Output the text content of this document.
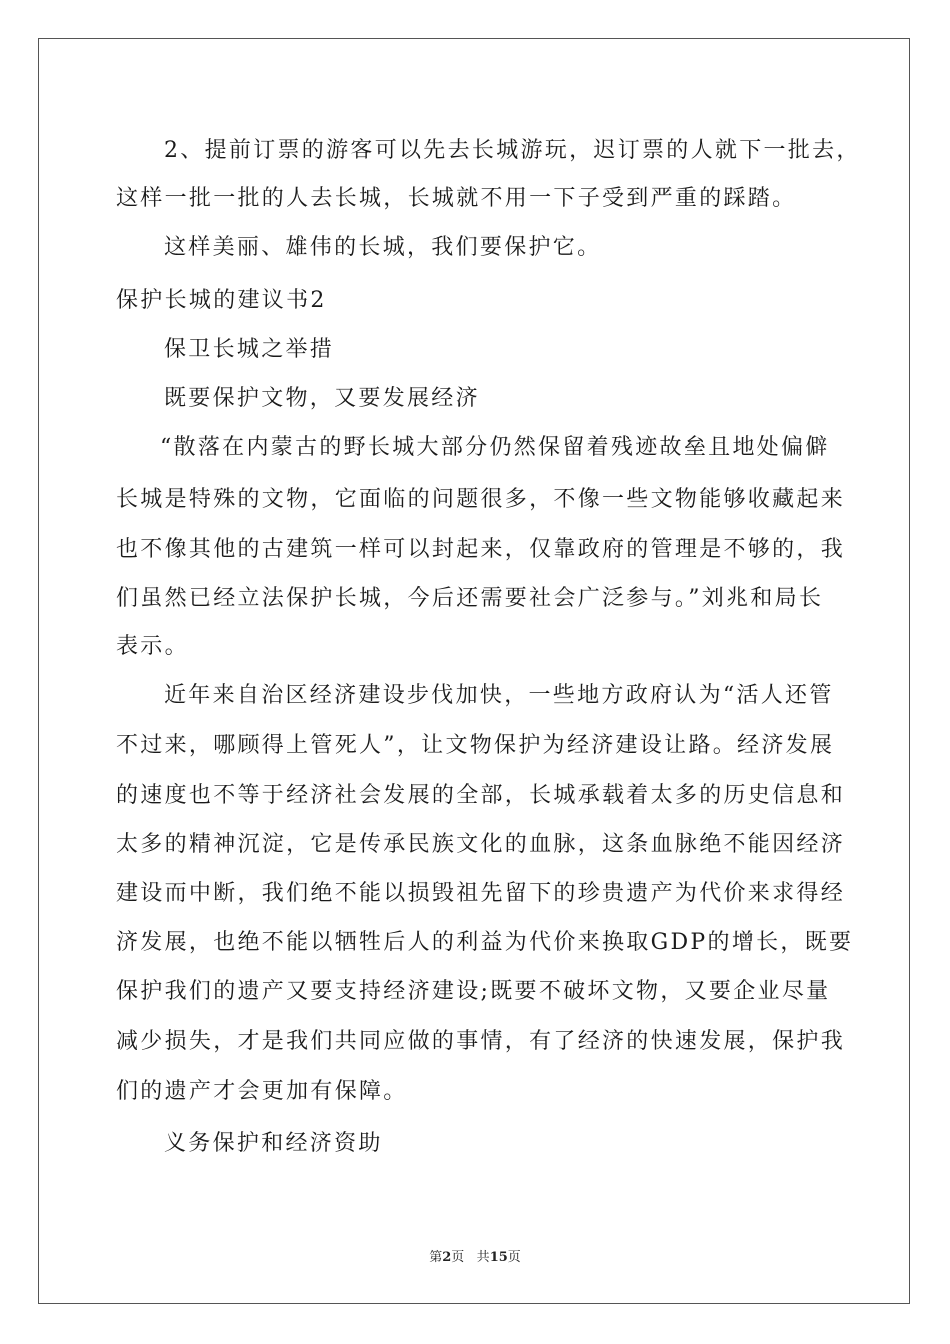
2、提前订票的游客可以先去长城游玩，迟订票的人就下一批去，
这样一批一批的人去长城，长城就不用一下子受到严重的踩踏。
这样美丽、雄伟的长城，我们要保护它。
保护长城的建议书2
保卫长城之举措
既要保护文物，又要发展经济
“散落在内蒙古的野长城大部分仍然保留着残迹故垒且地处偏僻
长城是特殊的文物，它面临的问题很多，不像一些文物能够收藏起来
也不像其他的古建筑一样可以封起来，仅靠政府的管理是不够的，我
们虽然已经立法保护长城，今后还需要社会广泛参与。”刘兆和局长
表示。
近年来自治区经济建设步伐加快，一些地方政府认为“活人还管
不过来，哪顾得上管死人”，让文物保护为经济建设让路。经济发展
的速度也不等于经济社会发展的全部，长城承载着太多的历史信息和
太多的精神沉淀，它是传承民族文化的血脉，这条血脉绝不能因经济
建设而中断，我们绝不能以损毁祖先留下的珍贵遗产为代价来求得经
济发展，也绝不能以牺牲后人的利益为代价来换取GDP的增长，既要
保护我们的遗产又要支持经济建设;既要不破坏文物，又要企业尽量
减少损失，才是我们共同应做的事情，有了经济的快速发展，保护我
们的遗产才会更加有保障。
义务保护和经济资助
第2页 共15页
